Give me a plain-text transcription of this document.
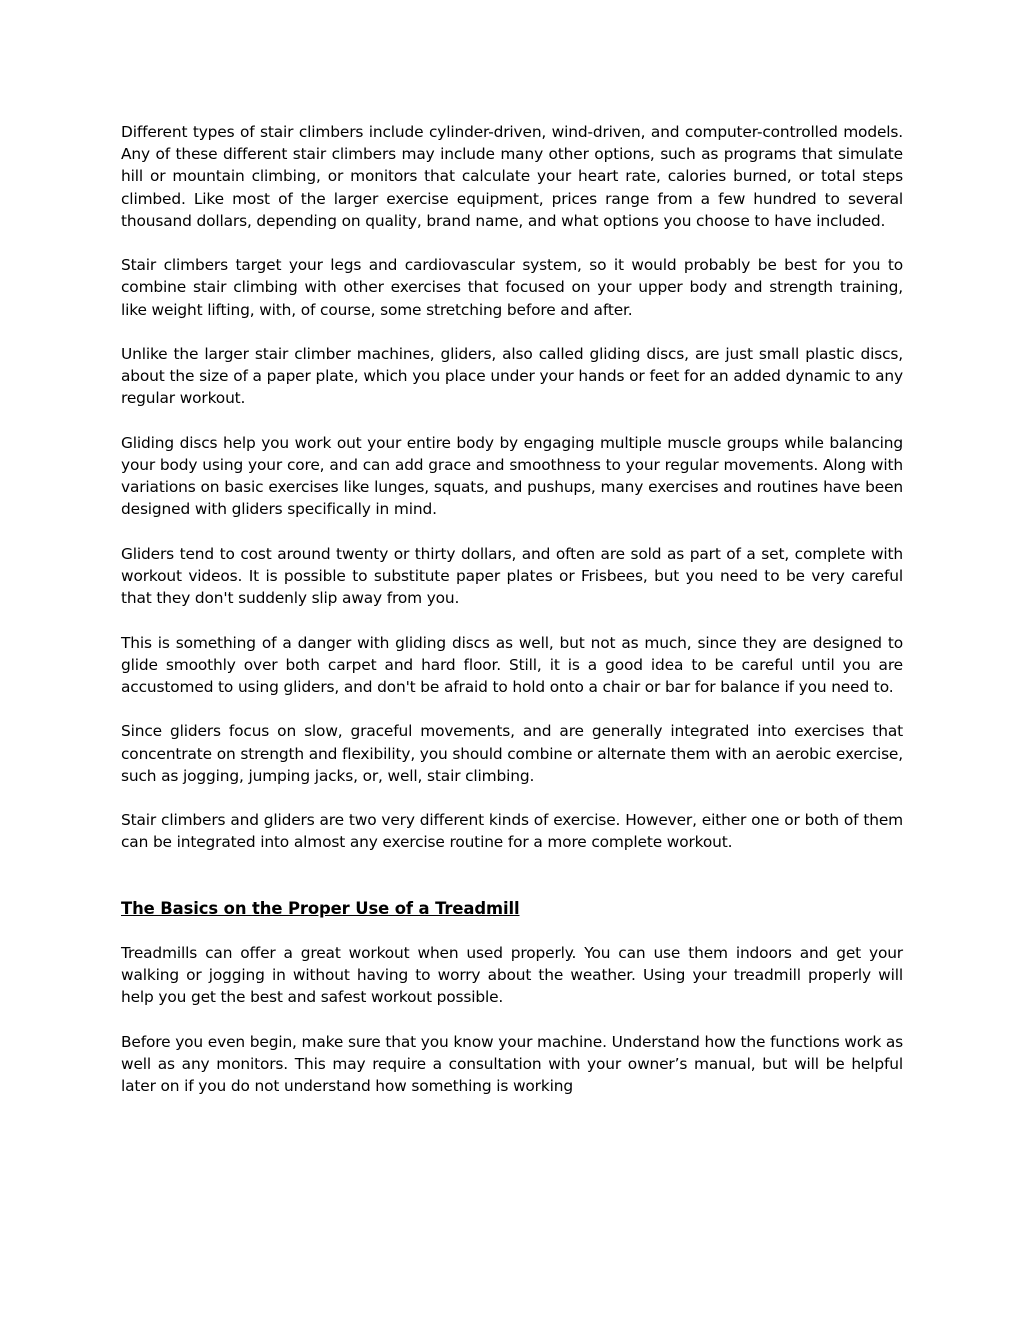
Different types of stair climbers include cylinder-driven, wind-driven, and computer-controlled models. Any of these different stair climbers may include many other options, such as programs that simulate hill or mountain climbing, or monitors that calculate your heart rate, calories burned, or total steps climbed. Like most of the larger exercise equipment, prices range from a few hundred to several thousand dollars, depending on quality, brand name, and what options you choose to have included.

Stair climbers target your legs and cardiovascular system, so it would probably be best for you to combine stair climbing with other exercises that focused on your upper body and strength training, like weight lifting, with, of course, some stretching before and after.

Unlike the larger stair climber machines, gliders, also called gliding discs, are just small plastic discs, about the size of a paper plate, which you place under your hands or feet for an added dynamic to any regular workout.

Gliding discs help you work out your entire body by engaging multiple muscle groups while balancing your body using your core, and can add grace and smoothness to your regular movements. Along with variations on basic exercises like lunges, squats, and pushups, many exercises and routines have been designed with gliders specifically in mind.

Gliders tend to cost around twenty or thirty dollars, and often are sold as part of a set, complete with workout videos. It is possible to substitute paper plates or Frisbees, but you need to be very careful that they don't suddenly slip away from you.

This is something of a danger with gliding discs as well, but not as much, since they are designed to glide smoothly over both carpet and hard floor. Still, it is a good idea to be careful until you are accustomed to using gliders, and don't be afraid to hold onto a chair or bar for balance if you need to.

Since gliders focus on slow, graceful movements, and are generally integrated into exercises that concentrate on strength and flexibility, you should combine or alternate them with an aerobic exercise, such as jogging, jumping jacks, or, well, stair climbing.

Stair climbers and gliders are two very different kinds of exercise. However, either one or both of them can be integrated into almost any exercise routine for a more complete workout.

The Basics on the Proper Use of a Treadmill

Treadmills can offer a great workout when used properly. You can use them indoors and get your walking or jogging in without having to worry about the weather. Using your treadmill properly will help you get the best and safest workout possible.

Before you even begin, make sure that you know your machine. Understand how the functions work as well as any monitors. This may require a consultation with your owner’s manual, but will be helpful later on if you do not understand how something is working
